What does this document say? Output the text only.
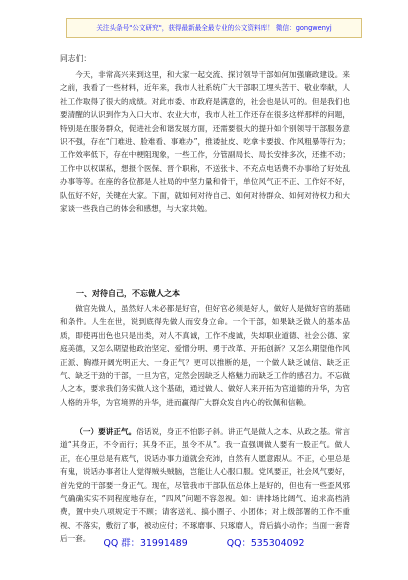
关注头条号"公文研究"，获得最新最全最专业的公文资料库！ 微信：gongwenyj
同志们：

今天，非常高兴来到这里，和大家一起交流、探讨领导干部如何加强廉政建设。来之前，我看了一些材料，近年来，我市人社系统广大干部职工埋头苦干、敬业奉献，人社工作取得了很大的成绩。对此市委、市政府是满意的，社会也是认可的。但是我们也要清醒的认识到作为入口大市、农业大市，我市人社工作还存在很多这样那样的问题，特别是在服务群众，促进社会和谐发展方面，还需要很大的提升如个别领导干部服务意识不强，存在“门难进、脸难看、事难办”，推诿扯皮、吃拿卡要拔、作风粗暴等行为；工作效率低下，存在中梗阻现象，一些工作，分管副局长、局长安排多次，还推不动；工作中以权谋私，想报个医保、晋个职称，不送张卡、不充点电话费不办事给了好处乱办事等等。在座的各位都是人社局的中坚力量和骨干，单位风气正不正、工作好不好，队伍好不好，关键在大家。下面，就如何对待自己、如何对待群众、如何对待权力和大家谈一些我自己的体会和感想，与大家共勉。

一、对待自己，不忘做人之本

做官先做人，虽然好人未必都是好官，但好官必须是好人，做好人是做好官的基础和条件。人生在世，说到底得先做人而安身立命。一个干部，如果缺乏做人的基本品质，即使再出色也只是出类，对人不真诚，工作不虔诚，失却职业道德、社会公德、家庭美德，又怎么期望他政治坚定、爱憎分明、勇于改革、开拓创新？又怎么期望他作风正派、胸襟开阔光明正大、一身正气？更可以推断的是，一个做人缺乏诚信、缺乏正气、缺乏干劲的干部，一旦为官，定然会因缺乏人格魅力而缺乏工作的感召力。不忘做人之本，要求我们务实做人这个基础，通过做人、做好人来开拓为官道德的升华，为官人格的升华，为官境界的升华，进而赢得广大群众发自内心的钦佩和信赖。

（一）要讲正气。俗话说，身正不怕影子斜。讲正气是做人之本、从政之基。常言道“其身正，不令而行；其身不正，虽令不从”。我一直强调做人要有一股正气。做人正，在心里总是有底气，说话办事力道就会充沛，自然有人愿意跟从。不正，心里总是有鬼，说话办事者让人觉得贼头贼脑，岂能让人心服口服。党风要正，社会风气要好，首先党的干部要一身正气。现在，尽管我市干部队伍总体上是好的，但也有一些歪风邪气确确实实不同程度地存在，“四风”问题不容忽视。如：讲排场比阔气、追求高档消费，置中央八项规定于不顾；请客送礼、搞小圈子、小团体；对上级部署的工作不重视、不落实，敷衍了事，被动应付；不琢磨事、只琢磨人，背后搞小动作；当面一套背后一套。	QQ 群：31991489	QQ：535304092
